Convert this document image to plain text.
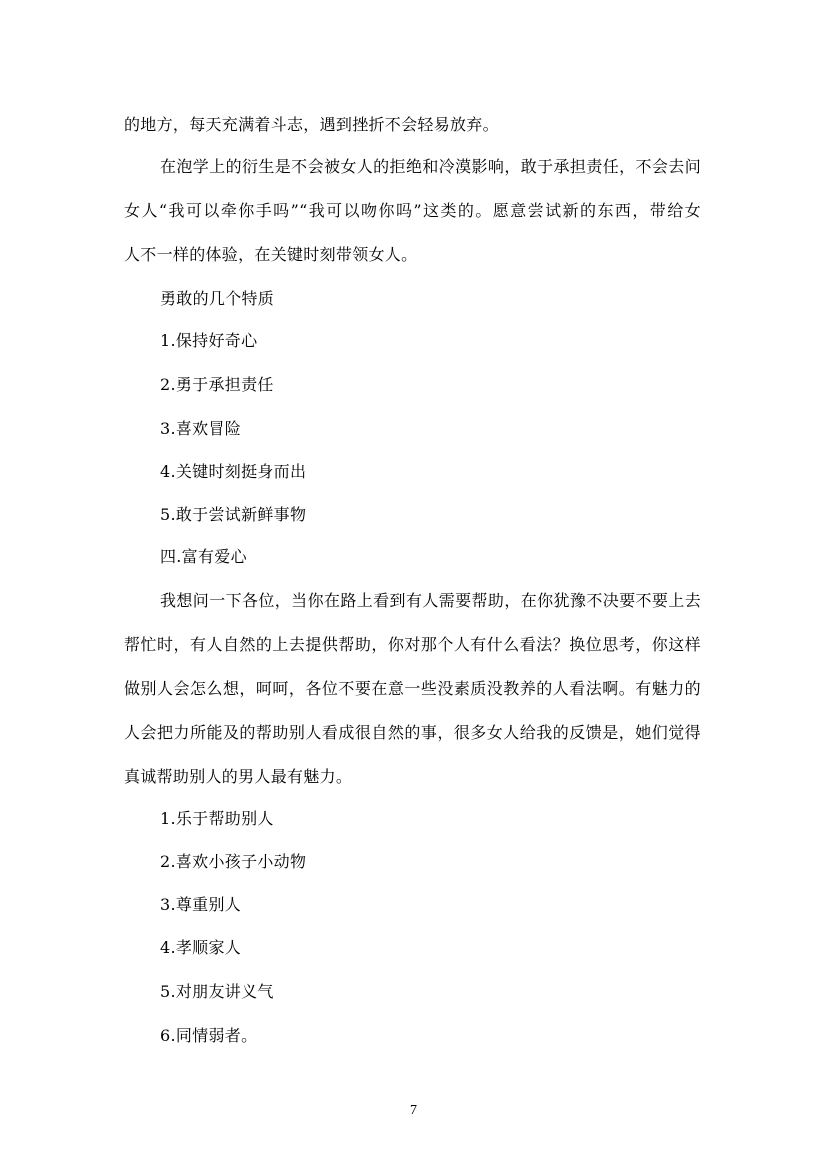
的地方，每天充满着斗志，遇到挫折不会轻易放弃。
在泡学上的衍生是不会被女人的拒绝和冷漠影响，敢于承担责任，不会去问
女人“我可以牵你手吗”“我可以吻你吗”这类的。愿意尝试新的东西，带给女
人不一样的体验，在关键时刻带领女人。
勇敢的几个特质
1.保持好奇心
2.勇于承担责任
3.喜欢冒险
4.关键时刻挺身而出
5.敢于尝试新鲜事物
四.富有爱心
我想问一下各位，当你在路上看到有人需要帮助，在你犹豫不决要不要上去
帮忙时，有人自然的上去提供帮助，你对那个人有什么看法？换位思考，你这样
做别人会怎么想，呵呵，各位不要在意一些没素质没教养的人看法啊。有魅力的
人会把力所能及的帮助别人看成很自然的事，很多女人给我的反馈是，她们觉得
真诚帮助别人的男人最有魅力。
1.乐于帮助别人
2.喜欢小孩子小动物
3.尊重别人
4.孝顺家人
5.对朋友讲义气
6.同情弱者。
7
